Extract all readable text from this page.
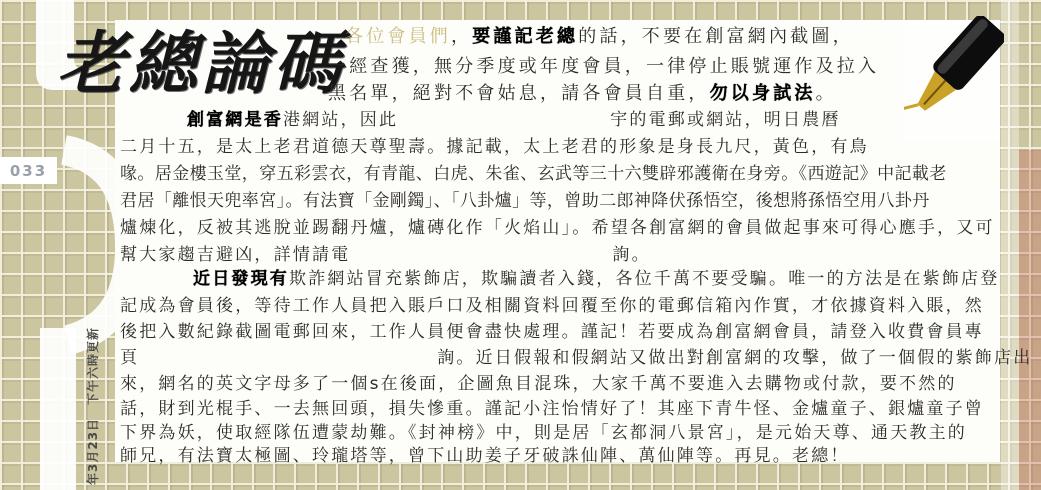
033
年3月23日　下午六時更新
老總論碼 各位會員們，要謹記老總的話，不要在創富網內截圖，
一經查獲，無分季度或年度會員，一律停止賬號運作及拉入
黑名單，絕對不會姑息，請各會員自重，勿以身試法。
創富網是香港網站，因此	宇的電郵或網站，明日農曆
二月十五，是太上老君道德天尊聖壽。據記載，太上老君的形象是身長九尺，黃色，有鳥
喙。居金樓玉堂，穿五彩雲衣，有青龍、白虎、朱雀、玄武等三十六雙辟邪護衛在身旁。《西遊記》中記載老
君居「離恨天兜率宮」。有法寶「金剛鐲」、「八卦爐」等，曾助二郎神降伏孫悟空，後想將孫悟空用八卦丹
爐煉化，反被其逃脫並踢翻丹爐，爐磚化作「火焰山」。希望各創富網的會員做起事來可得心應手，又可
幫大家趨吉避凶，詳情請電	詢。
近日發現有欺詐網站冒充紫飾店，欺騙讀者入錢，各位千萬不要受騙。唯一的方法是在紫飾店登
記成為會員後，等待工作人員把入賬戶口及相關資料回覆至你的電郵信箱內作實，才依據資料入賬，然
後把入數紀錄截圖電郵回來，工作人員便會盡快處理。謹記！若要成為創富網會員，請登入收費會員專
頁	詢。近日假報和假網站又做出對創富網的攻擊，做了一個假的紫飾店出
來，網名的英文字母多了一個s在後面，企圖魚目混珠，大家千萬不要進入去購物或付款，要不然的
話，財到光棍手、一去無回頭，損失慘重。謹記小注怡情好了！其座下青牛怪、金爐童子、銀爐童子曾
下界為妖，使取經隊伍遭蒙劫難。《封神榜》中，則是居「玄都洞八景宮」，是元始天尊、通天教主的
師兄，有法寶太極圖、玲瓏塔等，曾下山助姜子牙破誅仙陣、萬仙陣等。再見。老總！
